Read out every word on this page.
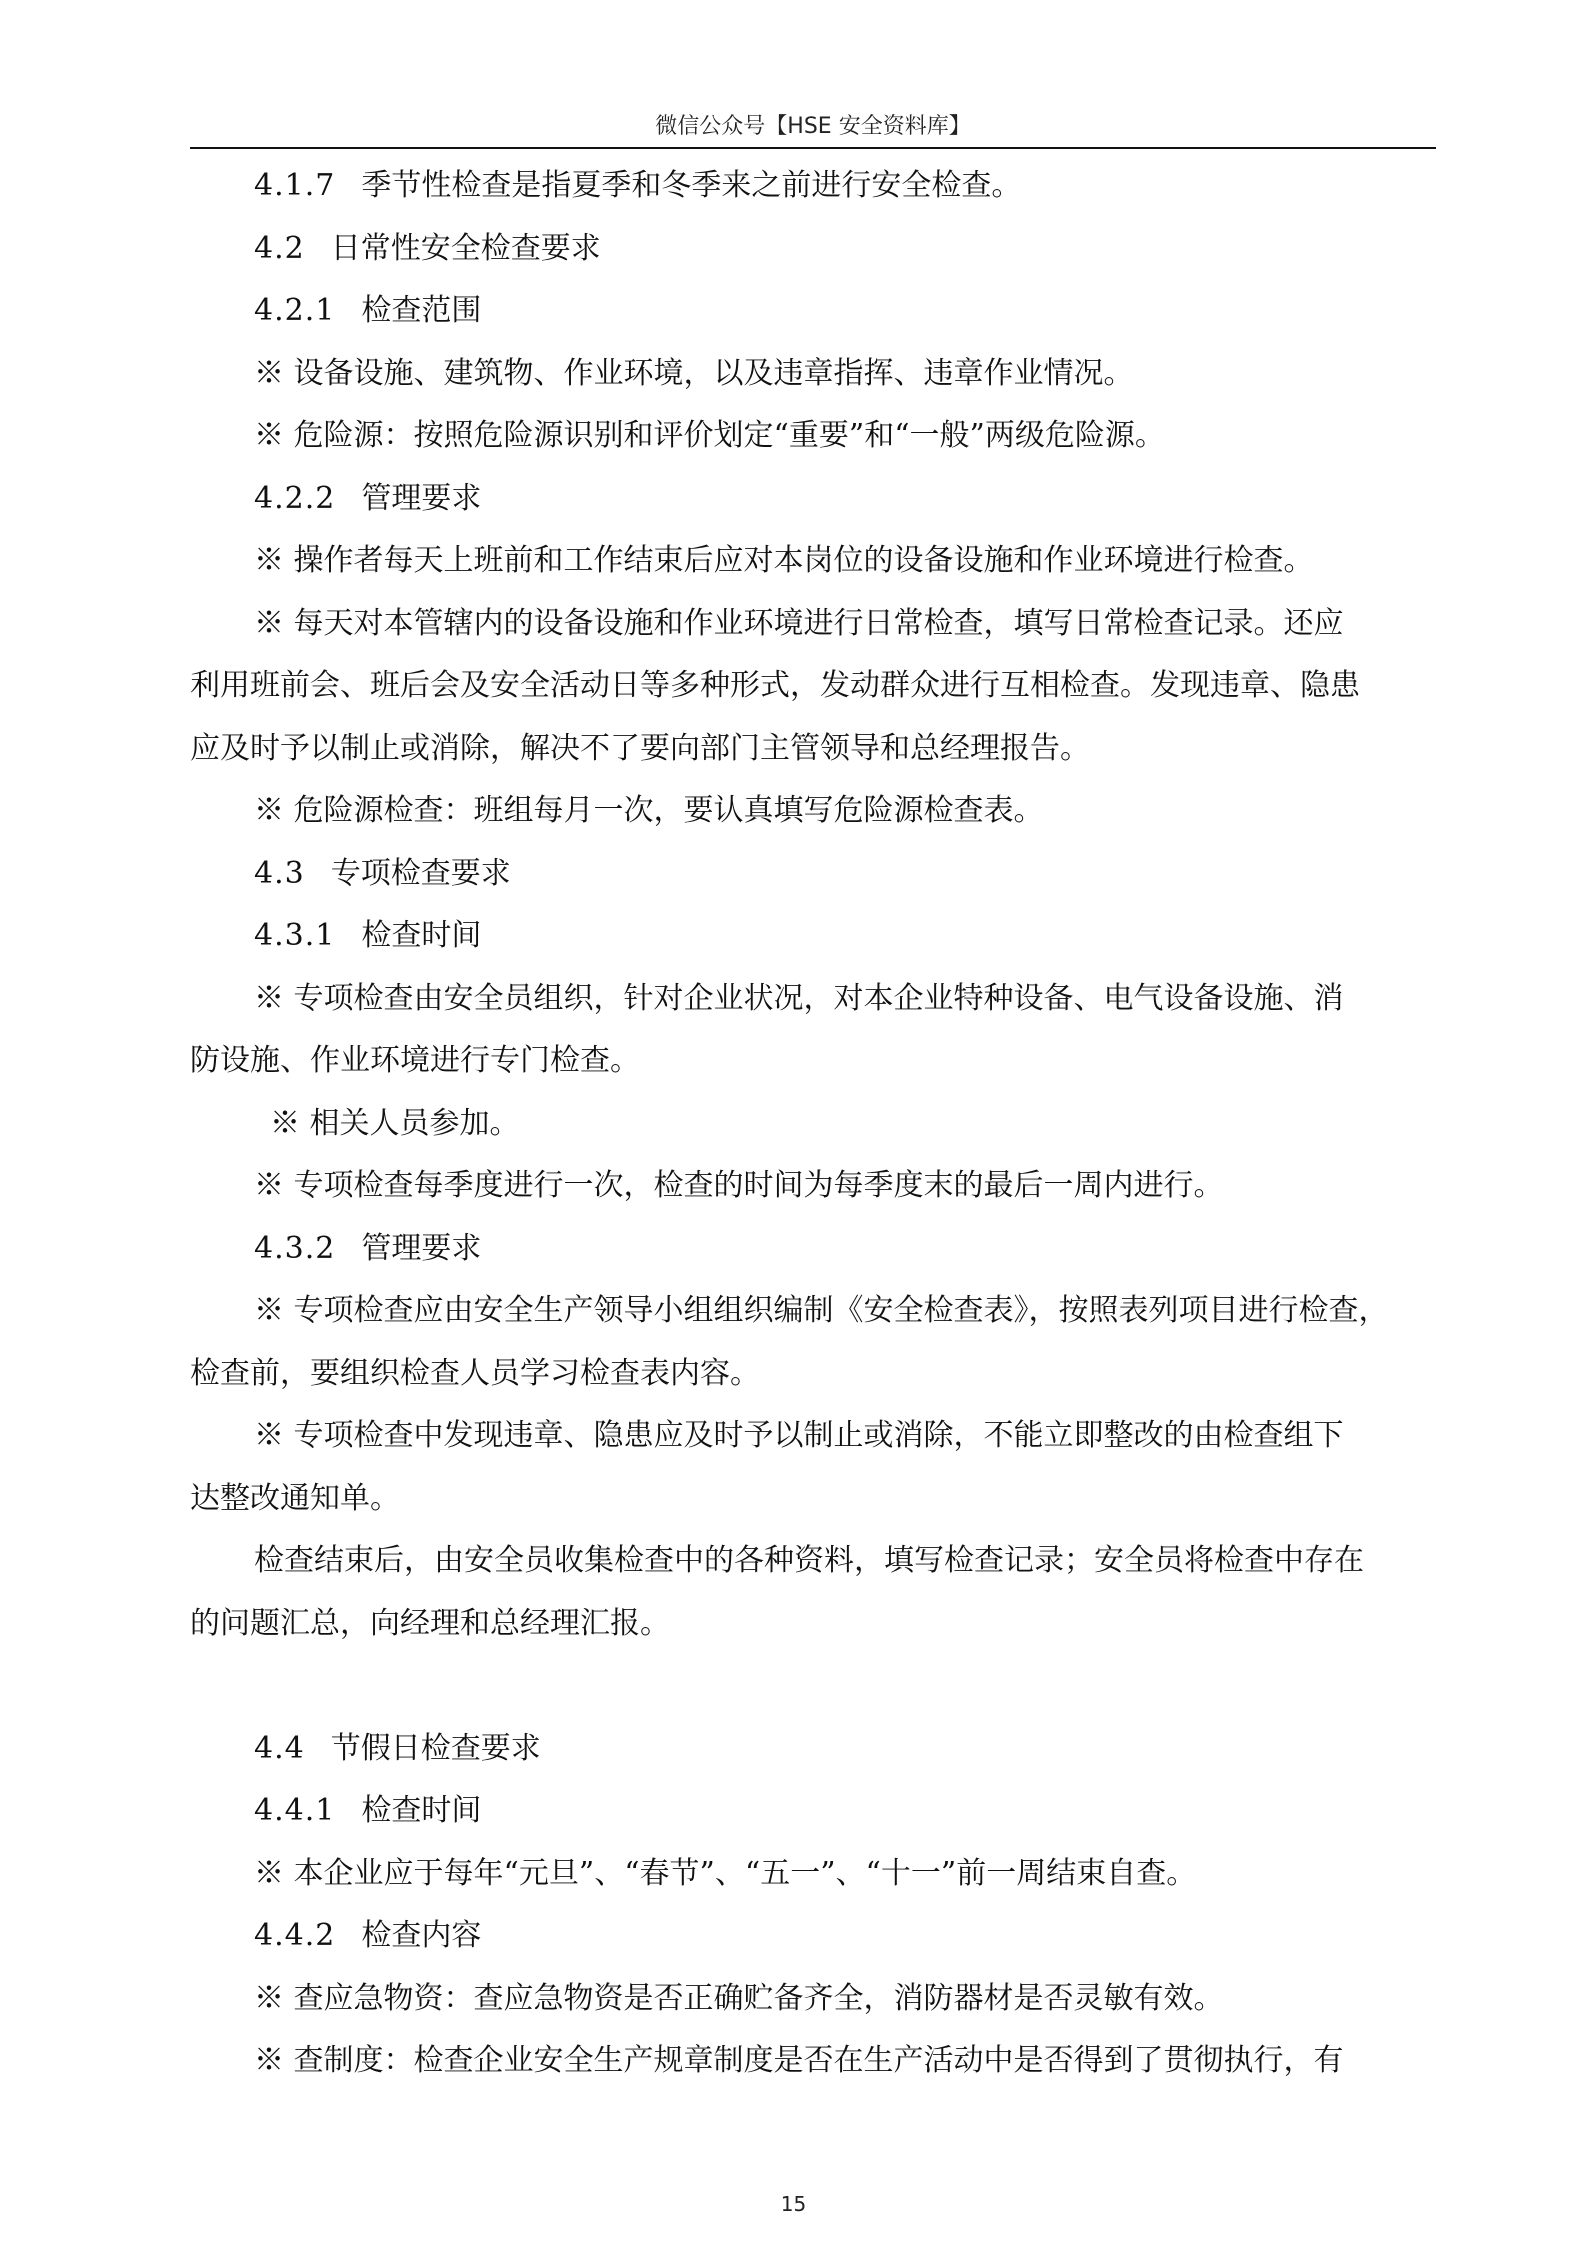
微信公众号【HSE 安全资料库】
4.1.7 季节性检查是指夏季和冬季来之前进行安全检查。
4.2 日常性安全检查要求
4.2.1 检查范围
※ 设备设施、建筑物、作业环境，以及违章指挥、违章作业情况。
※ 危险源：按照危险源识别和评价划定“重要”和“一般”两级危险源。
4.2.2 管理要求
※ 操作者每天上班前和工作结束后应对本岗位的设备设施和作业环境进行检查。
※ 每天对本管辖内的设备设施和作业环境进行日常检查，填写日常检查记录。还应
利用班前会、班后会及安全活动日等多种形式，发动群众进行互相检查。发现违章、隐患
应及时予以制止或消除，解决不了要向部门主管领导和总经理报告。
※ 危险源检查：班组每月一次，要认真填写危险源检查表。
4.3 专项检查要求
4.3.1 检查时间
※ 专项检查由安全员组织，针对企业状况，对本企业特种设备、电气设备设施、消
防设施、作业环境进行专门检查。
※ 相关人员参加。
※ 专项检查每季度进行一次，检查的时间为每季度末的最后一周内进行。
4.3.2 管理要求
※ 专项检查应由安全生产领导小组组织编制《安全检查表》，按照表列项目进行检查，
检查前，要组织检查人员学习检查表内容。
※ 专项检查中发现违章、隐患应及时予以制止或消除，不能立即整改的由检查组下
达整改通知单。
检查结束后，由安全员收集检查中的各种资料，填写检查记录；安全员将检查中存在
的问题汇总，向经理和总经理汇报。
4.4 节假日检查要求
4.4.1 检查时间
※ 本企业应于每年“元旦”、“春节”、“五一”、“十一”前一周结束自查。
4.4.2 检查内容
※ 查应急物资：查应急物资是否正确贮备齐全，消防器材是否灵敏有效。
※ 查制度：检查企业安全生产规章制度是否在生产活动中是否得到了贯彻执行，有
15
